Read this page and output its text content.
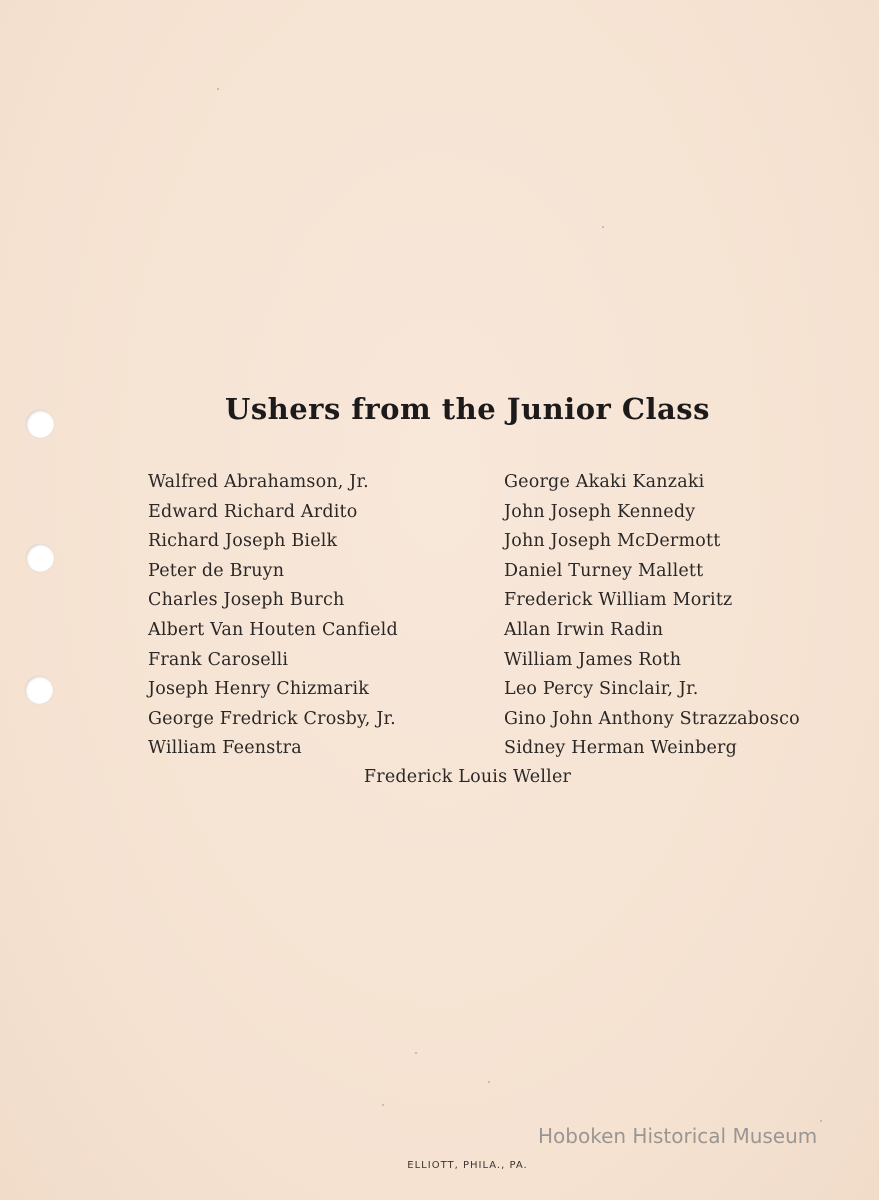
Ushers from the Junior Class
Walfred Abrahamson, Jr.
Edward Richard Ardito
Richard Joseph Bielk
Peter de Bruyn
Charles Joseph Burch
Albert Van Houten Canfield
Frank Caroselli
Joseph Henry Chizmarik
George Fredrick Crosby, Jr.
William Feenstra
George Akaki Kanzaki
John Joseph Kennedy
John Joseph McDermott
Daniel Turney Mallett
Frederick William Moritz
Allan Irwin Radin
William James Roth
Leo Percy Sinclair, Jr.
Gino John Anthony Strazzabosco
Sidney Herman Weinberg
Frederick Louis Weller
Hoboken Historical Museum
ELLIOTT, PHILA., PA.
